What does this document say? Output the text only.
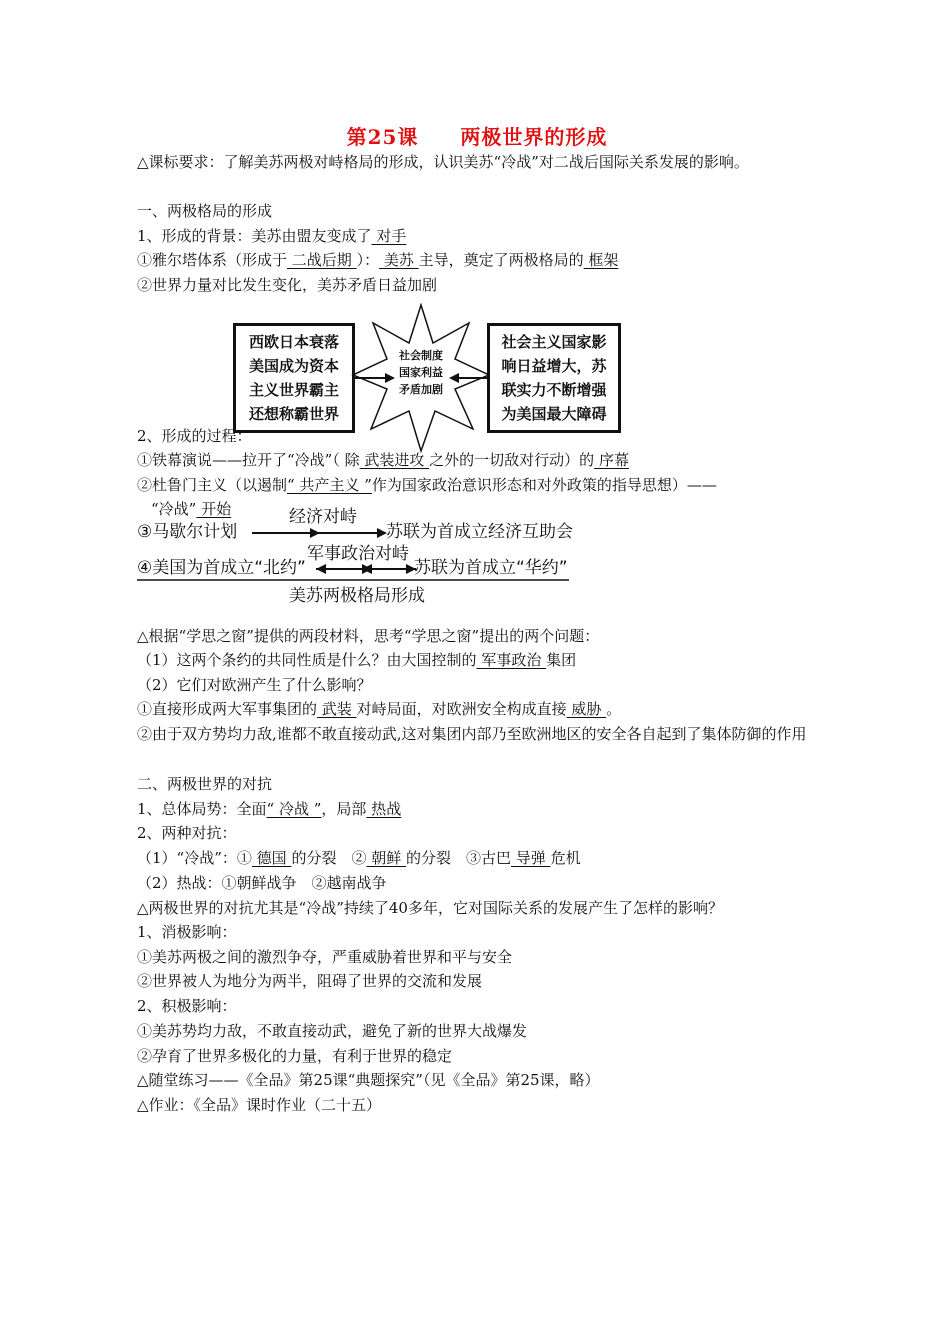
第25课　　两极世界的形成
△课标要求：了解美苏两极对峙格局的形成，认识美苏“冷战”对二战后国际关系发展的影响。
一、两极格局的形成
1、形成的背景：美苏由盟友变成了 对手
①雅尔塔体系（形成于 二战后期 ）： 美苏 主导，奠定了两极格局的 框架
②世界力量对比发生变化，美苏矛盾日益加剧
西欧日本衰落
美国成为资本
主义世界霸主
还想称霸世界
社会制度
国家利益
矛盾加剧
社会主义国家影
响日益增大，苏
联实力不断增强
为美国最大障碍
2、形成的过程：
①铁幕演说——拉开了“冷战”（ 除 武装进攻 之外的一切敌对行动）的 序幕
②杜鲁门主义（以遏制“ 共产主义 ”作为国家政治意识形态和对外政策的指导思想）——
“冷战” 开始	经济对峙
③马歇尔计划	苏联为首成立经济互助会
军事政治对峙
④美国为首成立“北约”	苏联为首成立“华约”
美苏两极格局形成
△根据“学思之窗”提供的两段材料，思考“学思之窗”提出的两个问题：
（1）这两个条约的共同性质是什么？由大国控制的 军事政治 集团
（2）它们对欧洲产生了什么影响？
①直接形成两大军事集团的 武装 对峙局面，对欧洲安全构成直接 威胁 。
②由于双方势均力敌,谁都不敢直接动武,这对集团内部乃至欧洲地区的安全各自起到了集体防御的作用
二、两极世界的对抗
1、总体局势：全面“ 冷战 ”，局部 热战
2、两种对抗：
（1）“冷战”：① 德国 的分裂　② 朝鲜 的分裂　③古巴 导弹 危机
（2）热战：①朝鲜战争　②越南战争
△两极世界的对抗尤其是“冷战”持续了40多年，它对国际关系的发展产生了怎样的影响？
1、消极影响：
①美苏两极之间的激烈争夺，严重威胁着世界和平与安全
②世界被人为地分为两半，阻碍了世界的交流和发展
2、积极影响：
①美苏势均力敌，不敢直接动武，避免了新的世界大战爆发
②孕育了世界多极化的力量，有利于世界的稳定
△随堂练习——《全品》第25课“典题探究”（见《全品》第25课，略）
△作业：《全品》课时作业（二十五）
